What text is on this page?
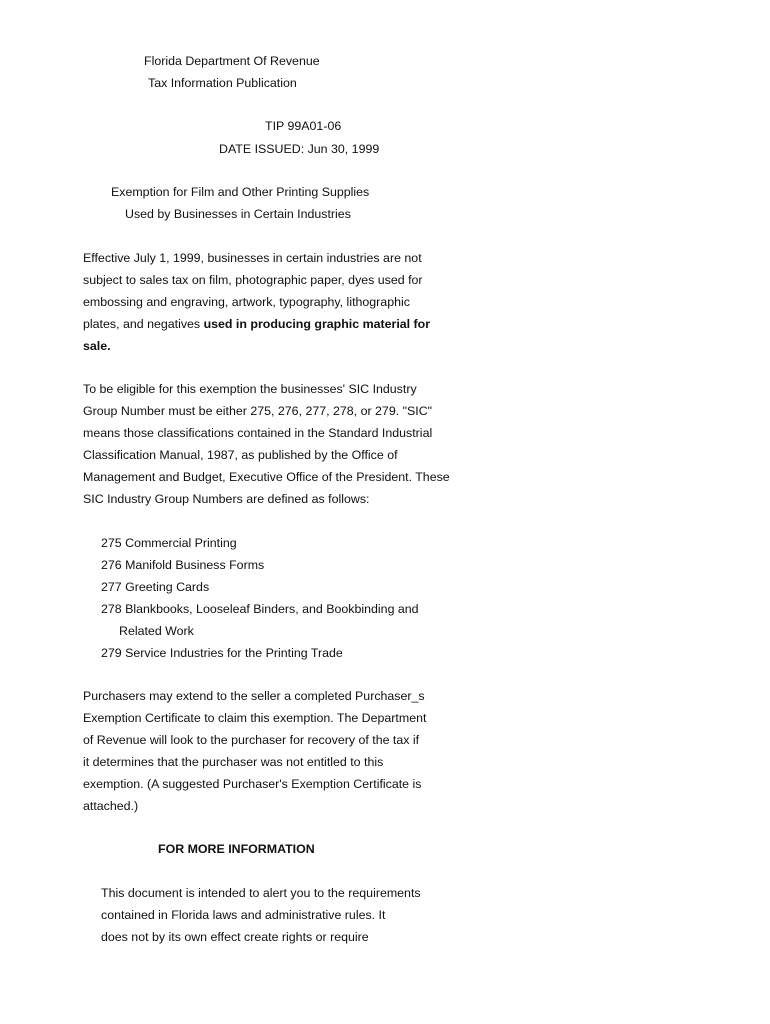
Florida Department Of Revenue

Tax Information Publication

TIP 99A01-06

DATE ISSUED: Jun 30, 1999

Exemption for Film and Other Printing Supplies

Used by Businesses in Certain Industries

Effective July 1, 1999, businesses in certain industries are not

subject to sales tax on film, photographic paper, dyes used for

embossing and engraving, artwork, typography, lithographic

plates, and negatives used in producing graphic material for

sale.

To be eligible for this exemption the businesses' SIC Industry

Group Number must be either 275, 276, 277, 278, or 279. "SIC"

means those classifications contained in the Standard Industrial

Classification Manual, 1987, as published by the Office of

Management and Budget, Executive Office of the President. These

SIC Industry Group Numbers are defined as follows:

275 Commercial Printing

276 Manifold Business Forms

277 Greeting Cards

278 Blankbooks, Looseleaf Binders, and Bookbinding and

Related Work

279 Service Industries for the Printing Trade

Purchasers may extend to the seller a completed Purchaser_s

Exemption Certificate to claim this exemption. The Department

of Revenue will look to the purchaser for recovery of the tax if

it determines that the purchaser was not entitled to this

exemption. (A suggested Purchaser's Exemption Certificate is

attached.)

FOR MORE INFORMATION

This document is intended to alert you to the requirements

contained in Florida laws and administrative rules. It

does not by its own effect create rights or require
